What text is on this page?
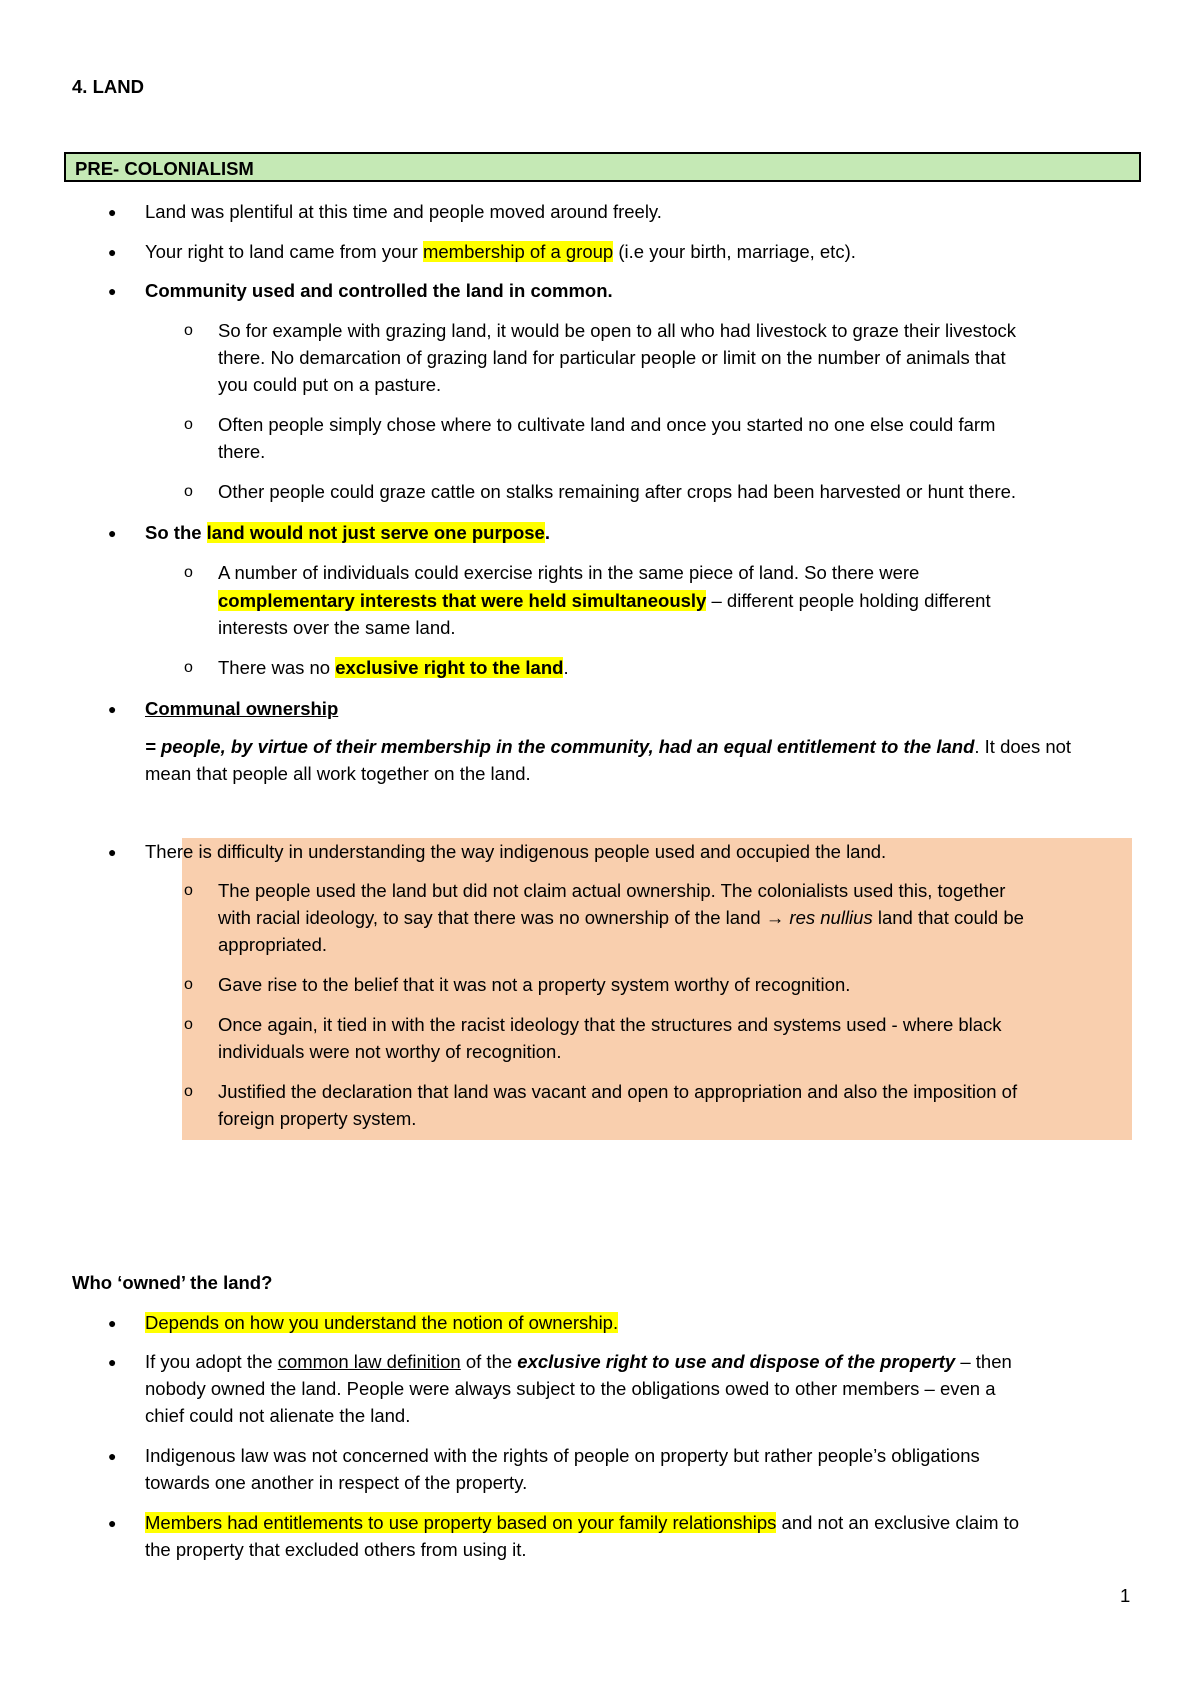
4. LAND
PRE- COLONIALISM
●
Land was plentiful at this time and people moved around freely.
●
Your right to land came from your membership of a group (i.e your birth, marriage, etc).
●
Community used and controlled the land in common.
o
So for example with grazing land, it would be open to all who had livestock to graze their livestock
there. No demarcation of grazing land for particular people or limit on the number of animals that
you could put on a pasture.
o
Often people simply chose where to cultivate land and once you started no one else could farm
there.
o
Other people could graze cattle on stalks remaining after crops had been harvested or hunt there.
●
So the land would not just serve one purpose.
o
A number of individuals could exercise rights in the same piece of land. So there were
complementary interests that were held simultaneously – different people holding different
interests over the same land.
o
There was no exclusive right to the land.
●
Communal ownership
= people, by virtue of their membership in the community, had an equal entitlement to the land. It does not
mean that people all work together on the land.
●
There is difficulty in understanding the way indigenous people used and occupied the land.
o
The people used the land but did not claim actual ownership. The colonialists used this, together
with racial ideology, to say that there was no ownership of the land → res nullius land that could be
appropriated.
o
Gave rise to the belief that it was not a property system worthy of recognition.
o
Once again, it tied in with the racist ideology that the structures and systems used - where black
individuals were not worthy of recognition.
o
Justified the declaration that land was vacant and open to appropriation and also the imposition of
foreign property system.
Who ‘owned’ the land?
●
Depends on how you understand the notion of ownership.
●
If you adopt the common law definition of the exclusive right to use and dispose of the property – then
nobody owned the land. People were always subject to the obligations owed to other members – even a
chief could not alienate the land.
●
Indigenous law was not concerned with the rights of people on property but rather people’s obligations
towards one another in respect of the property.
●
Members had entitlements to use property based on your family relationships and not an exclusive claim to
the property that excluded others from using it.
1
